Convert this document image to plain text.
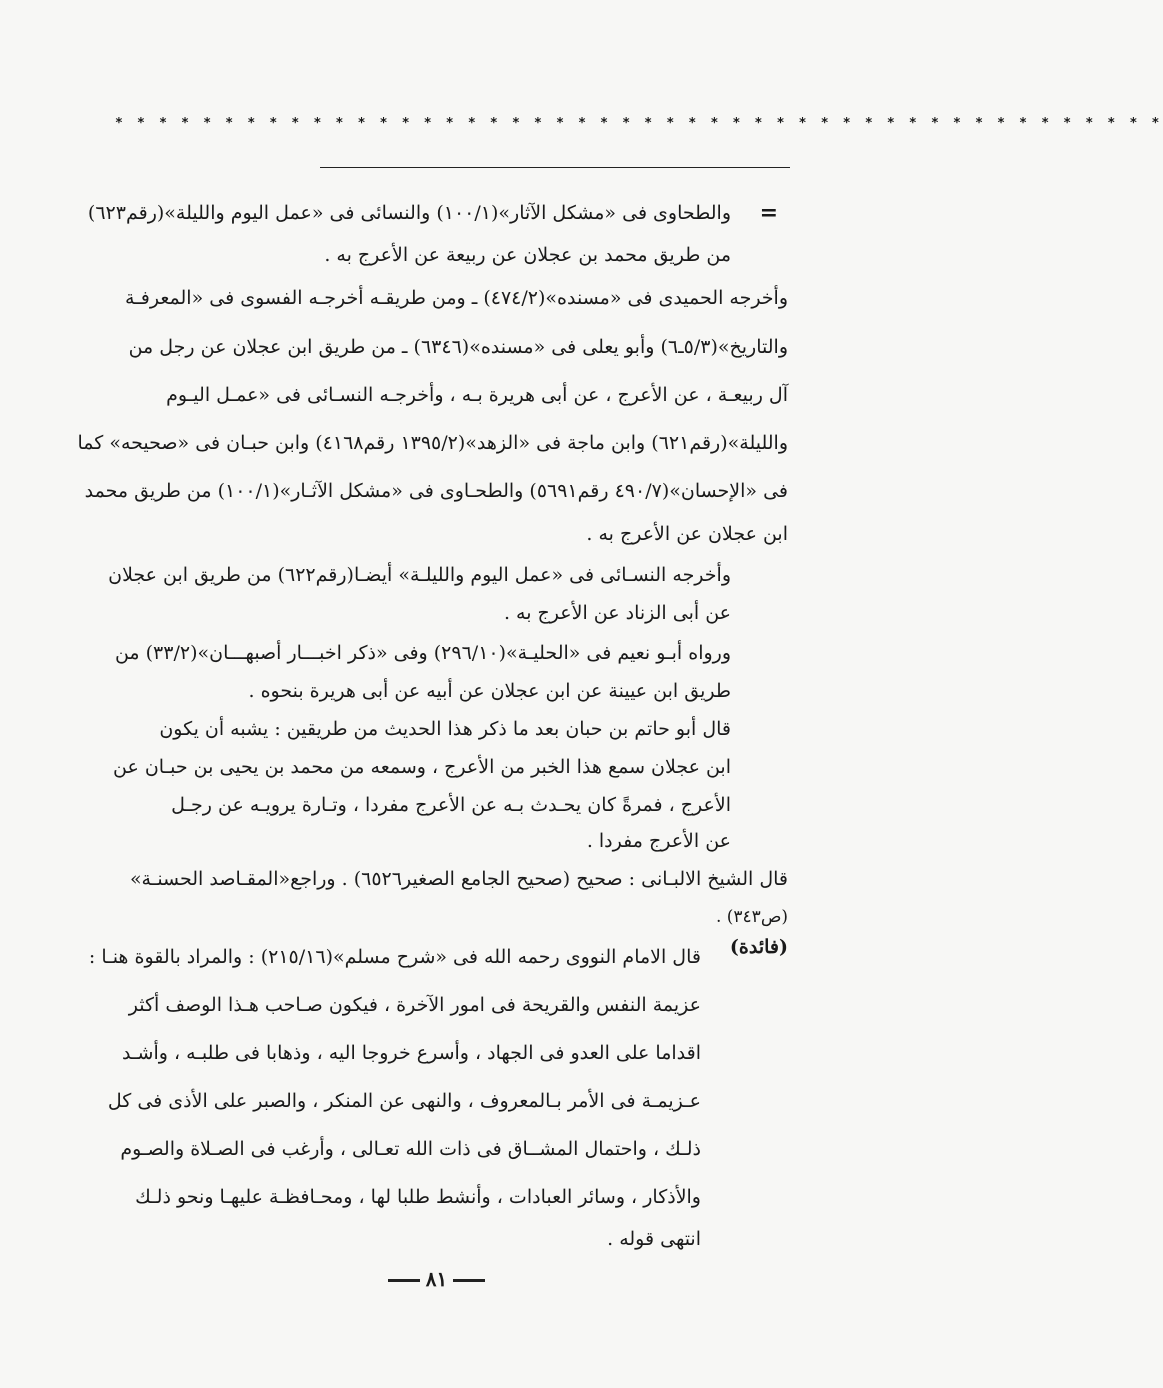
* * * * * * * * * * * * * * * * * * * * * * * * * * * * * * * * * * * * * * * * * * * * * * * *
=
والطحاوى فى «مشكل الآثار»(١٠٠/١) والنسائى فى «عمل اليوم والليلة»(رقم٦٢٣)
من طريق محمد بن عجلان عن ربيعة عن الأعرج به .
وأخرجه الحميدى فى «مسنده»(٤٧٤/٢) ـ ومن طريقـه أخرجـه الفسوى فى «المعرفـة
والتاريخ»(٥/٣ـ٦) وأبو يعلى فى «مسنده»(٦٣٤٦) ـ من طريق ابن عجلان عن رجل من
آل ربيعـة ، عن الأعرج ، عن أبى هريرة بـه ، وأخرجـه النسـائى فى «عمـل اليـوم
والليلة»(رقم٦٢١) وابن ماجة فى «الزهد»(١٣٩٥/٢ رقم٤١٦٨) وابن حبـان فى «صحيحه» كما
فى «الإحسان»(٤٩٠/٧ رقم٥٦٩١) والطحـاوى فى «مشكل الآثـار»(١٠٠/١) من طريق محمد
ابن عجلان عن الأعرج به .
وأخرجه النسـائى فى «عمل اليوم والليلـة» أيضـا(رقم٦٢٢) من طريق ابن عجلان
عن أبى الزناد عن الأعرج به .
ورواه أبـو نعيم فى «الحليـة»(٢٩٦/١٠) وفى «ذكر اخبـــار أصبهـــان»(٣٣/٢) من
طريق ابن عيينة عن ابن عجلان عن أبيه عن أبى هريرة بنحوه .
قال أبو حاتم بن حبان بعد ما ذكر هذا الحديث من طريقين : يشبه أن يكون
ابن عجلان سمع هذا الخبر من الأعرج ، وسمعه من محمد بن يحيى بن حبـان عن
الأعرج ، فمرةً كان يحـدث بـه عن الأعرج مفردا ، وتـارة يرويـه عن رجـل
عن الأعرج مفردا .
قال الشيخ الالبـانى : صحيح (صحيح الجامع الصغير٦٥٢٦) . وراجع«المقـاصد الحسنـة»
(ص٣٤٣) .
(فائدة)
قال الامام النووى رحمه الله فى «شرح مسلم»(٢١٥/١٦) : والمراد بالقوة هنـا :
عزيمة النفس والقريحة فى امور الآخرة ، فيكون صـاحب هـذا الوصف أكثر
اقداما على العدو فى الجهاد ، وأسرع خروجا اليه ، وذهابا فى طلبـه ، وأشـد
عـزيمـة فى الأمر بـالمعروف ، والنهى عن المنكر ، والصبر على الأذى فى كل
ذلـك ، واحتمال المشــاق فى ذات الله تعـالى ، وأرغب فى الصـلاة والصـوم
والأذكار ، وسائر العبادات ، وأنشط طلبا لها ، ومحـافظـة عليهـا ونحو ذلـك
انتهى قوله .
٨١
